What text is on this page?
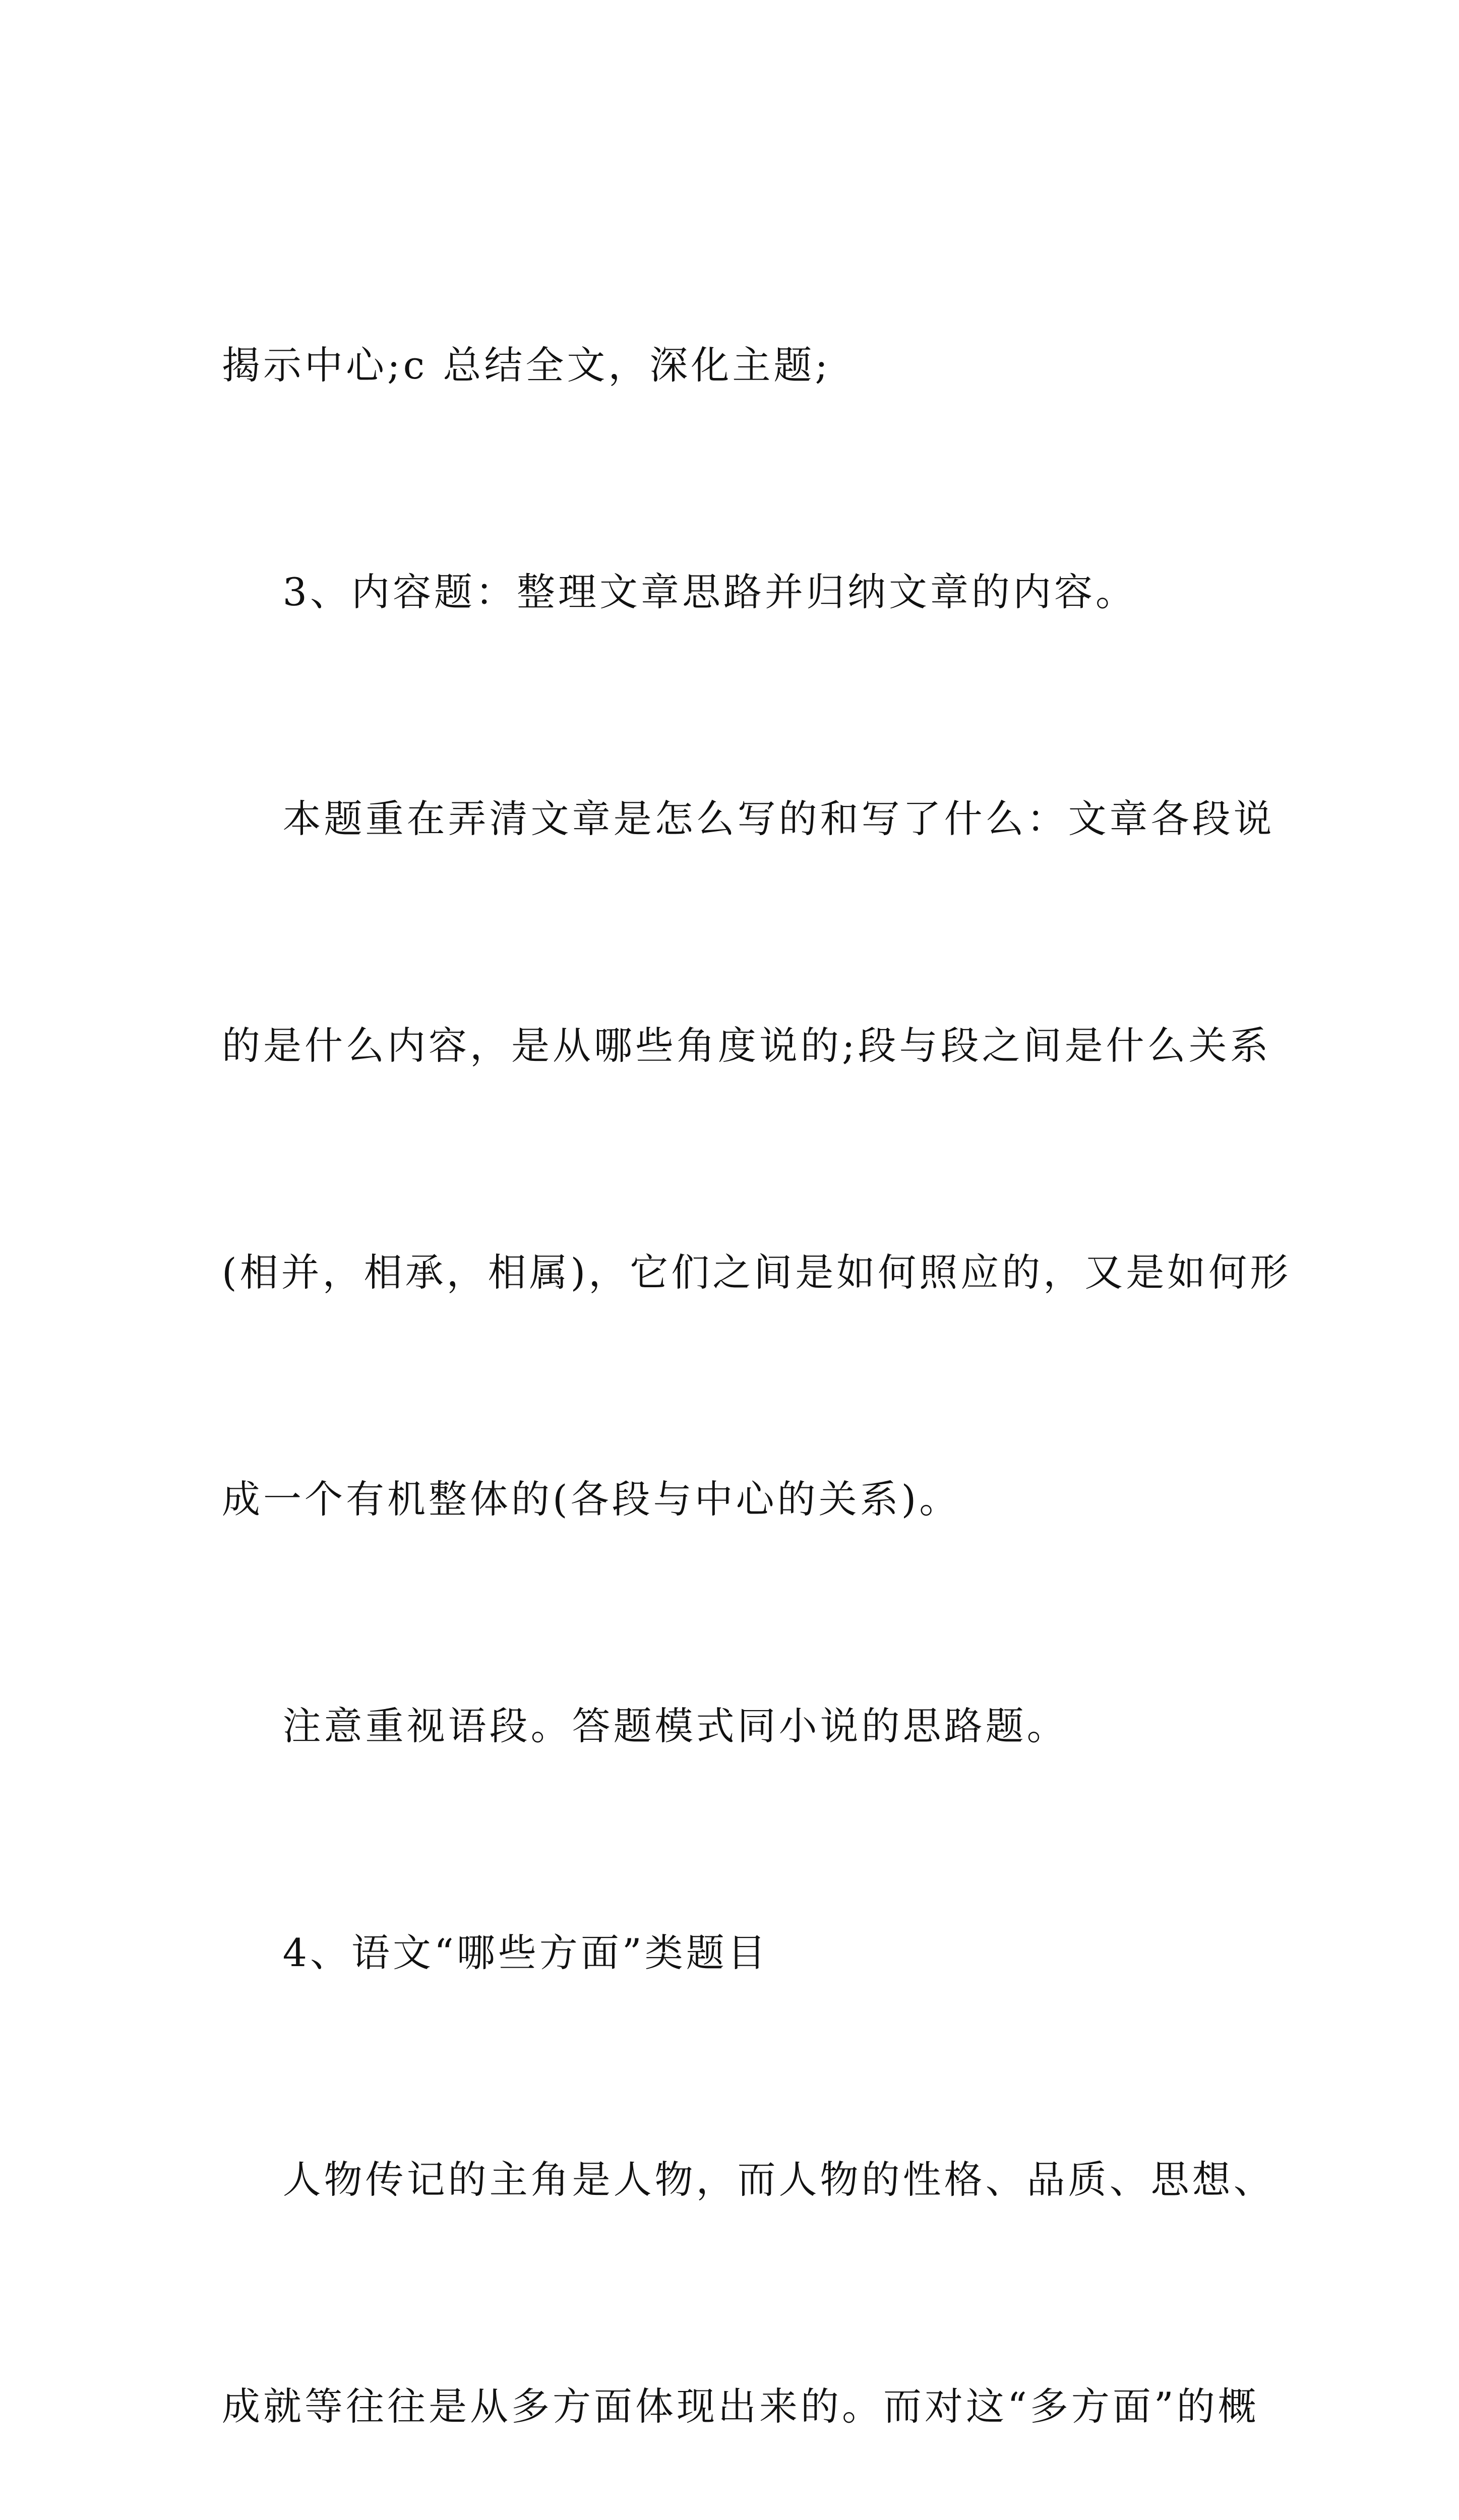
揭示中心;c 总结全文，深化主题;

3、内容题：整理文章思路并归纳文章的内容。

本题重在弄清文章是怎么写的和写了什么：文章各段说

的是什么内容，是从哪些角度说的;段与段之间是什么关系

(相并，相承，相属)，它们之间是如何照应的，又是如何形

成一个有机整体的(各段与中心的关系)。

注意重视语段。答题模式同小说的思路题。

4、语文“哪些方面”类题目

人物传记的主角是人物，而人物的性格、品质、思想、

成就等往往是从多方面体现出来的。而对这“多方面”的概
